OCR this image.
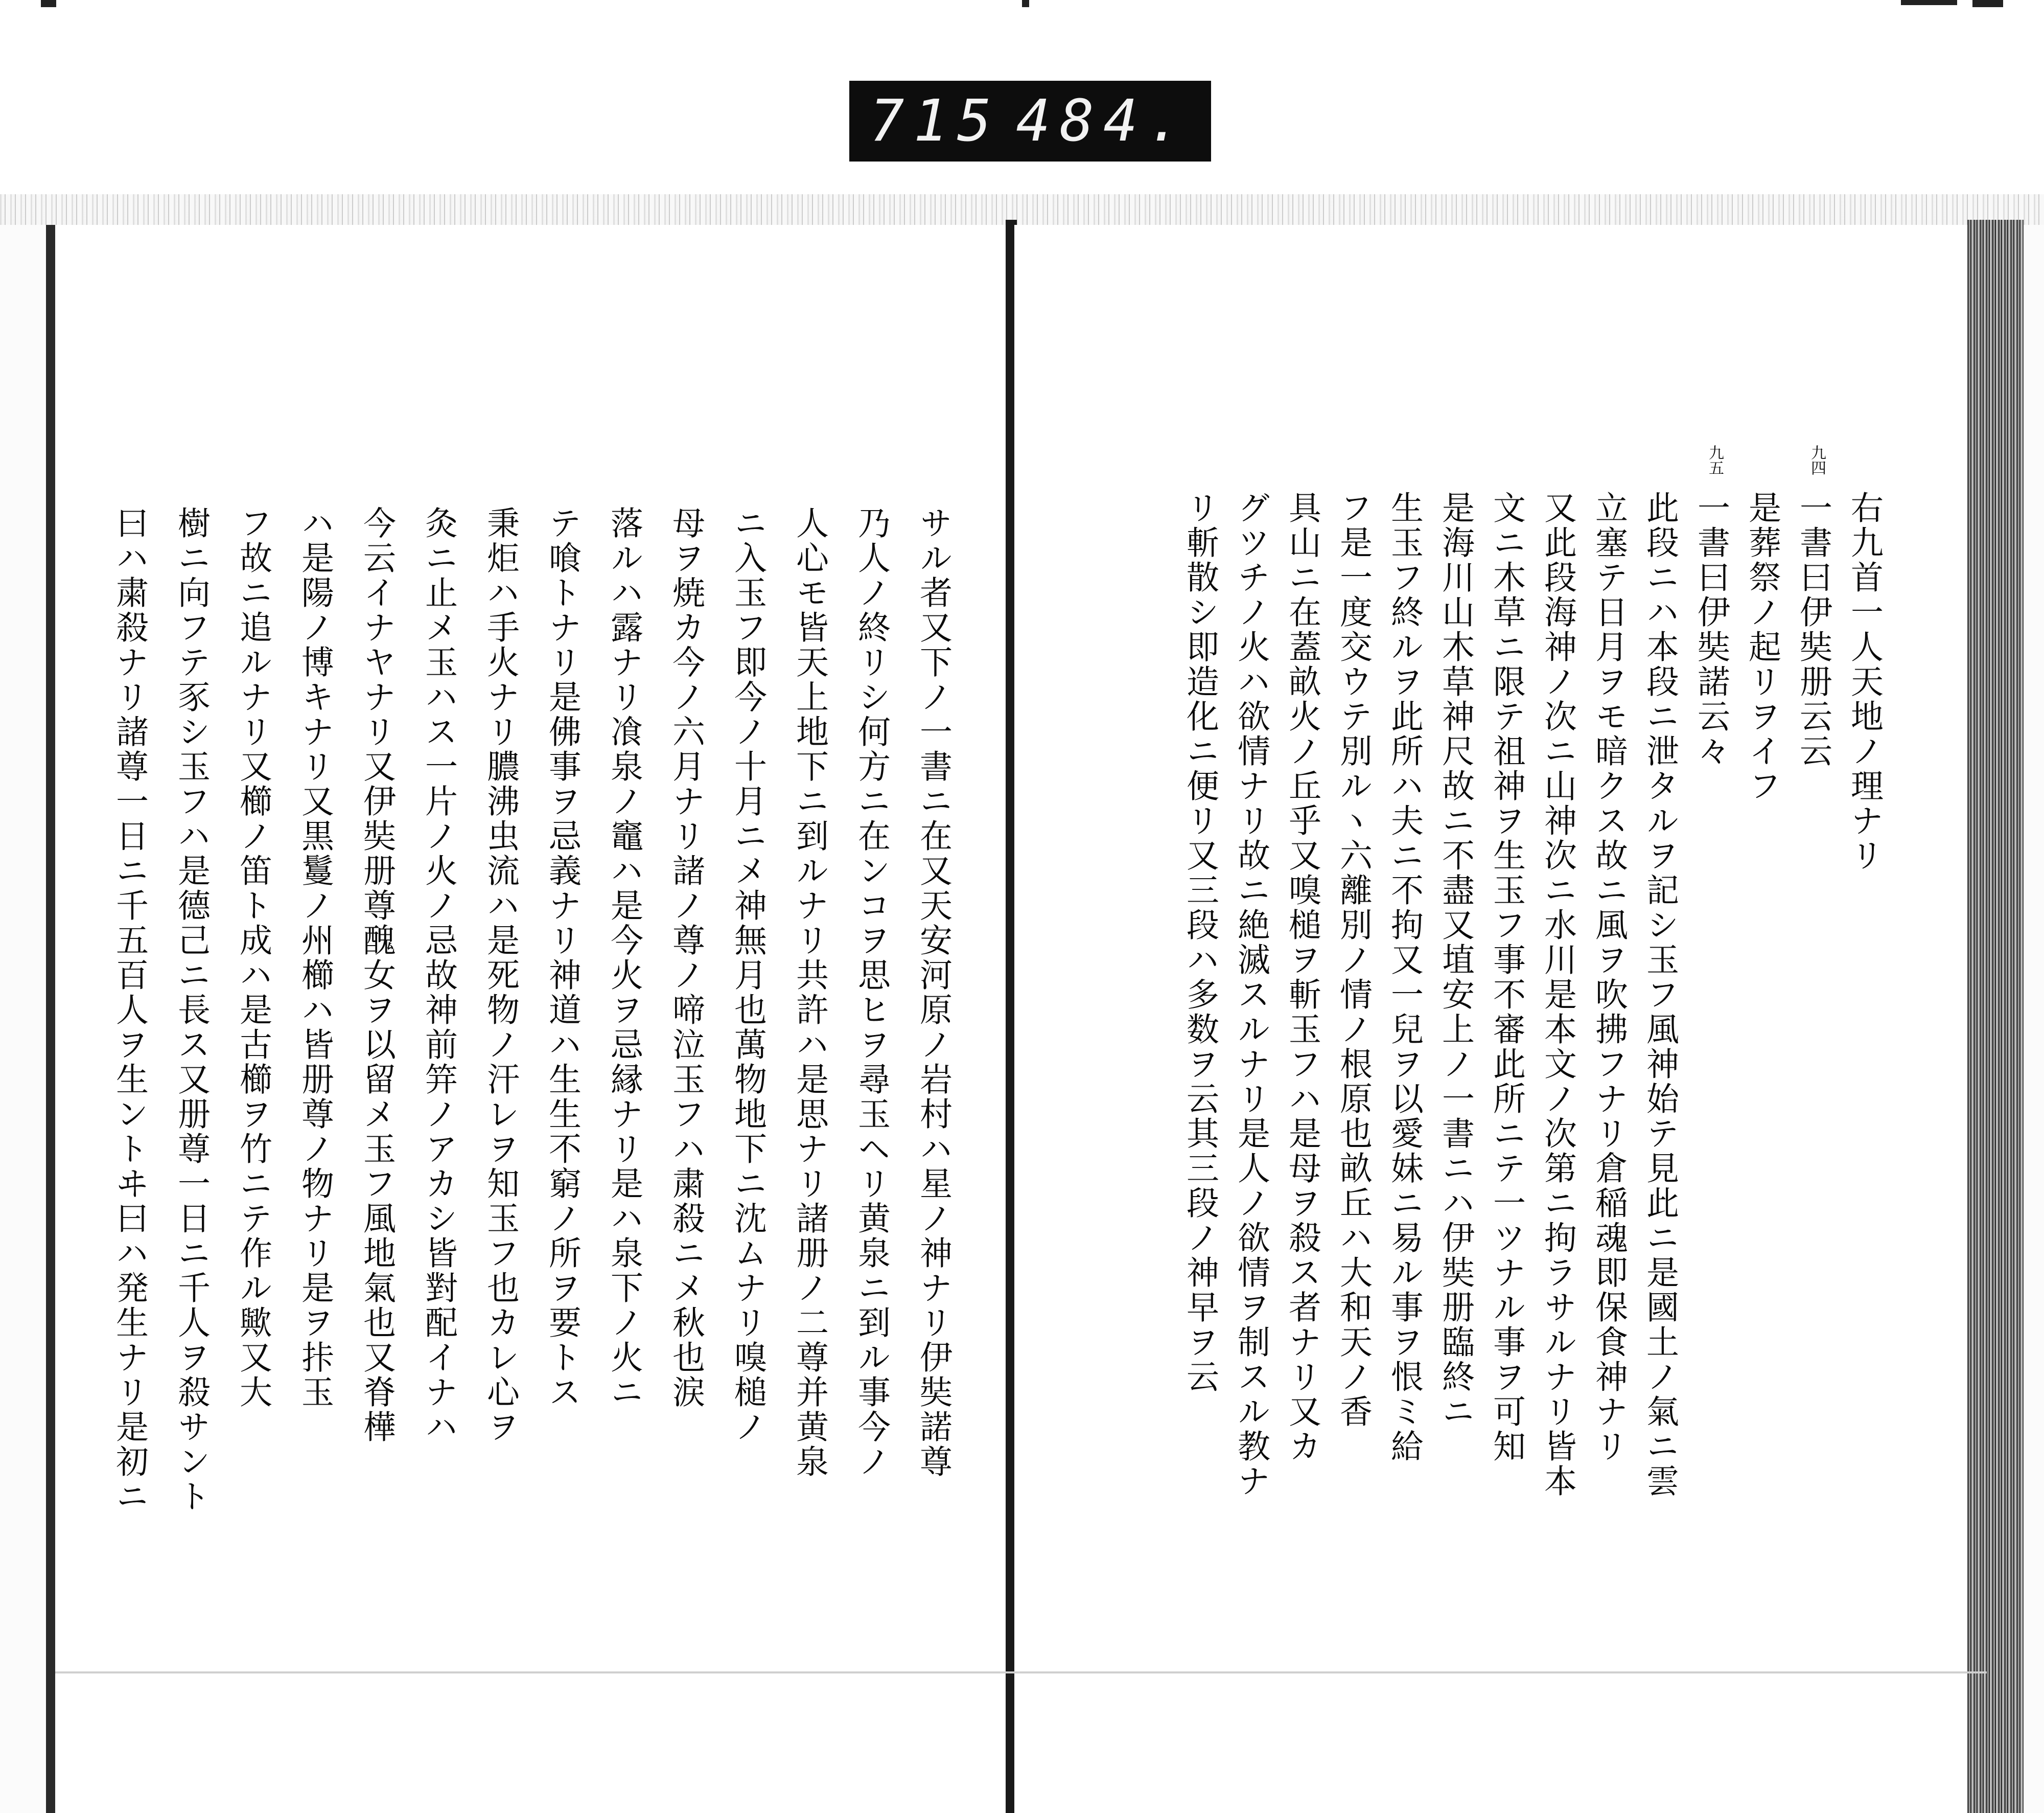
715 484.
サル者又下ノ一書ニ在又天安河原ノ岩村ハ星ノ神ナリ伊奘諾尊
乃人ノ終リシ何方ニ在ンコヲ思ヒヲ尋玉ヘリ黄泉ニ到ル事今ノ
人心モ皆天上地下ニ到ルナリ共許ハ是思ナリ諸册ノ二尊并黄泉
ニ入玉フ即今ノ十月ニメ神無月也萬物地下ニ沈ムナリ嗅槌ノ
母ヲ焼カ今ノ六月ナリ諸ノ尊ノ啼泣玉フハ粛殺ニメ秋也涙
落ルハ露ナリ飡泉ノ竈ハ是今火ヲ忌縁ナリ是ハ泉下ノ火ニ
テ喰トナリ是佛事ヲ忌義ナリ神道ハ生生不窮ノ所ヲ要トス
秉炬ハ手火ナリ膿沸虫流ハ是死物ノ汗レヲ知玉フ也カレ心ヲ
灸ニ止メ玉ハス一片ノ火ノ忌故神前笄ノアカシ皆對配イナハ
今云イナヤナリ又伊奘册尊醜女ヲ以留メ玉フ風地氣也又脊樺
ハ是陽ノ博キナリ又黒鬘ノ州櫛ハ皆册尊ノ物ナリ是ヲ拤玉
フ故ニ追ルナリ又櫛ノ笛ト成ハ是古櫛ヲ竹ニテ作ル歟又大
樹ニ向フテ豕シ玉フハ是德己ニ長ス又册尊一日ニ千人ヲ殺サント
曰ハ粛殺ナリ諸尊一日ニ千五百人ヲ生ントヰ曰ハ発生ナリ是初ニ	右九首一人天地ノ理ナリ
九四
一書曰伊奘册云云
是葬祭ノ起リヲイフ
九五
一書曰伊奘諾云々
此段ニハ本段ニ泄タルヲ記シ玉フ風神始テ見此ニ是國土ノ氣ニ雲
立塞テ日月ヲモ暗クス故ニ風ヲ吹拂フナリ倉稲魂即保食神ナリ
又此段海神ノ次ニ山神次ニ水川是本文ノ次第ニ拘ラサルナリ皆本
文ニ木草ニ限テ祖神ヲ生玉フ事不審此所ニテ一ツナル事ヲ可知
是海川山木草神尺故ニ不盡又埴安上ノ一書ニハ伊奘册臨終ニ
生玉フ終ルヲ此所ハ夫ニ不拘又一兒ヲ以愛妹ニ易ル事ヲ恨ミ給
フ是一度交ウテ別ルヽ六離別ノ情ノ根原也畝丘ハ大和天ノ香
具山ニ在蓋畝火ノ丘乎又嗅槌ヲ斬玉フハ是母ヲ殺ス者ナリ又カ
グツチノ火ハ欲情ナリ故ニ絶滅スルナリ是人ノ欲情ヲ制スル教ナ
リ斬散シ即造化ニ便リ又三段ハ多数ヲ云其三段ノ神早ヲ云
